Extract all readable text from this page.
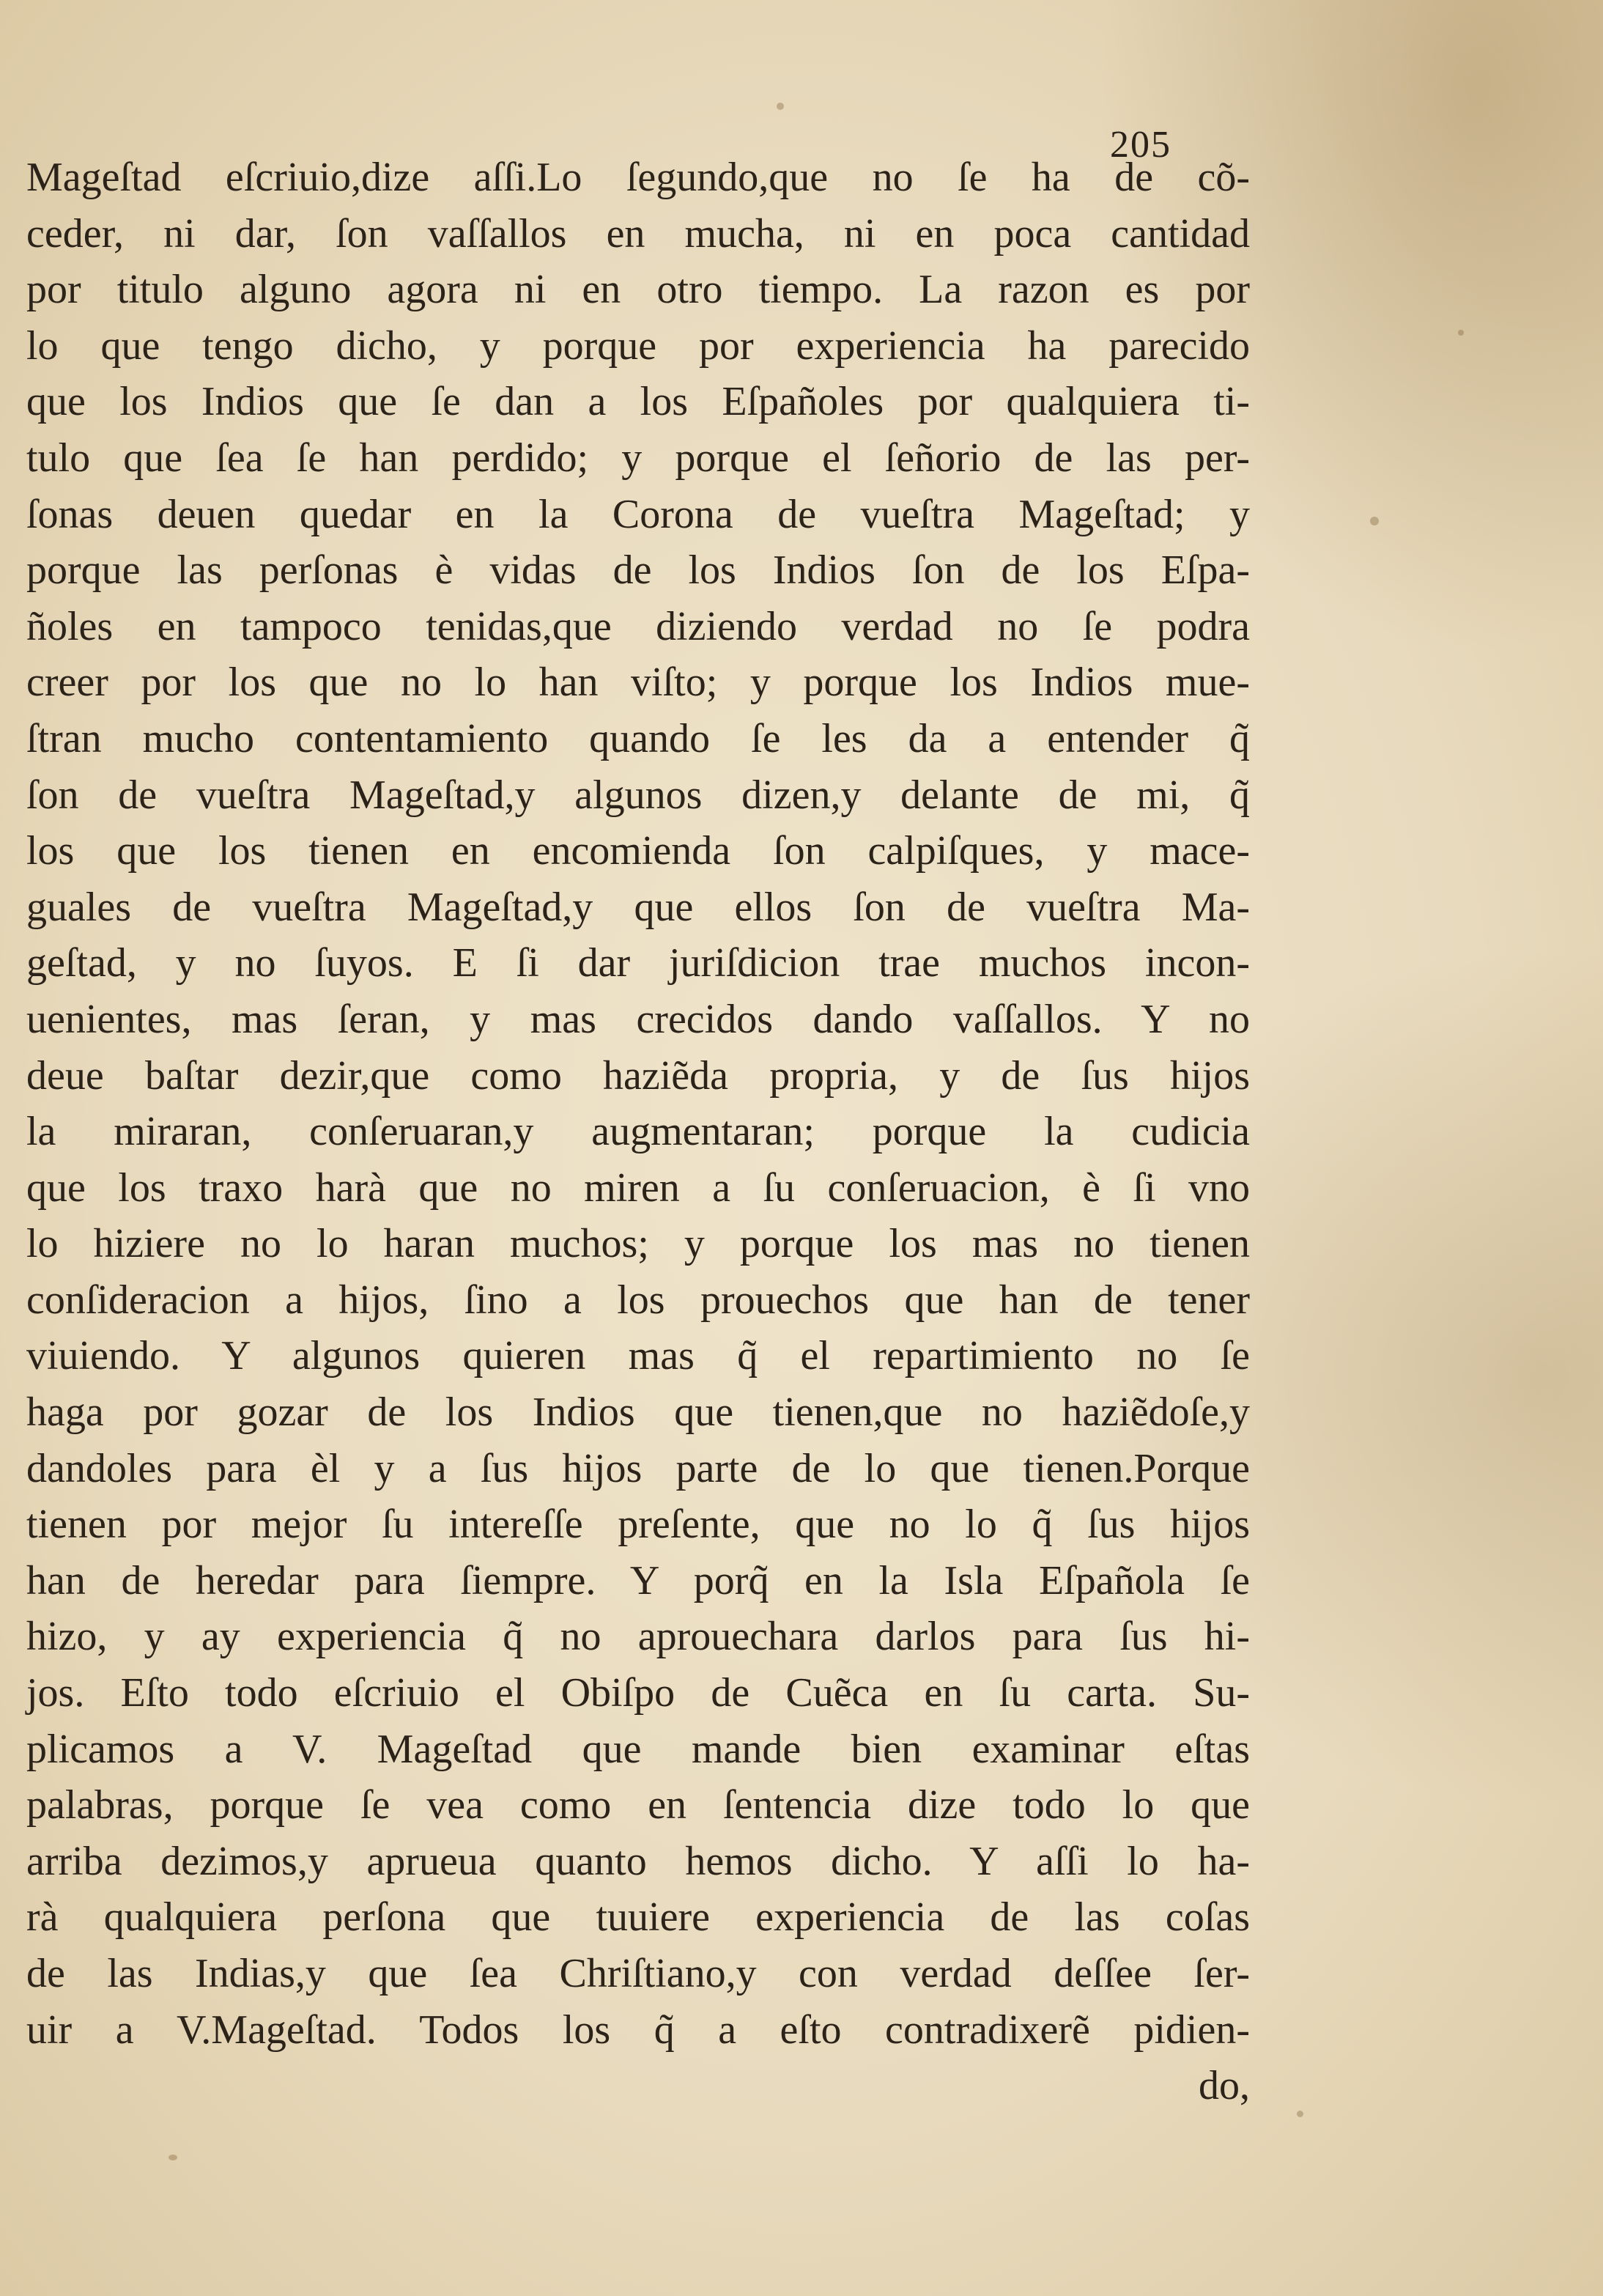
205
Mageſtad eſcriuio,dize aſſi.Lo ſegundo,que no ſe ha de cõ-
ceder, ni dar, ſon vaſſallos en mucha, ni en poca cantidad
por titulo alguno agora ni en otro tiempo. La razon es por
lo que tengo dicho, y porque por experiencia ha parecido
que los Indios que ſe dan a los Eſpañoles por qualquiera ti-
tulo que ſea ſe han perdido; y porque el ſeñorio de las per-
ſonas deuen quedar en la Corona de vueſtra Mageſtad; y
porque las perſonas è vidas de los Indios ſon de los Eſpa-
ñoles en tampoco tenidas,que diziendo verdad no ſe podra
creer por los que no lo han viſto; y porque los Indios mue-
ſtran mucho contentamiento quando ſe les da a entender q̃
ſon de vueſtra Mageſtad,y algunos dizen,y delante de mi, q̃
los que los tienen en encomienda ſon calpiſques, y mace-
guales de vueſtra Mageſtad,y que ellos ſon de vueſtra Ma-
geſtad, y no ſuyos. E ſi dar juriſdicion trae muchos incon-
uenientes, mas ſeran, y mas crecidos dando vaſſallos. Y no
deue baſtar dezir,que como haziẽda propria, y de ſus hijos
la miraran, conſeruaran,y augmentaran; porque la cudicia
que los traxo harà que no miren a ſu conſeruacion, è ſi vno
lo hiziere no lo haran muchos; y porque los mas no tienen
conſideracion a hijos, ſino a los prouechos que han de tener
viuiendo. Y algunos quieren mas q̃ el repartimiento no ſe
haga por gozar de los Indios que tienen,que no haziẽdoſe,y
dandoles para èl y a ſus hijos parte de lo que tienen.Porque
tienen por mejor ſu intereſſe preſente, que no lo q̃ ſus hijos
han de heredar para ſiempre. Y porq̃ en la Isla Eſpañola ſe
hizo, y ay experiencia q̃ no aprouechara darlos para ſus hi-
jos. Eſto todo eſcriuio el Obiſpo de Cuẽca en ſu carta. Su-
plicamos a V. Mageſtad que mande bien examinar eſtas
palabras, porque ſe vea como en ſentencia dize todo lo que
arriba dezimos,y aprueua quanto hemos dicho. Y aſſi lo ha-
rà qualquiera perſona que tuuiere experiencia de las coſas
de las Indias,y que ſea Chriſtiano,y con verdad deſſee ſer-
uir a V.Mageſtad. Todos los q̃ a eſto contradixerẽ pidien-
do,
